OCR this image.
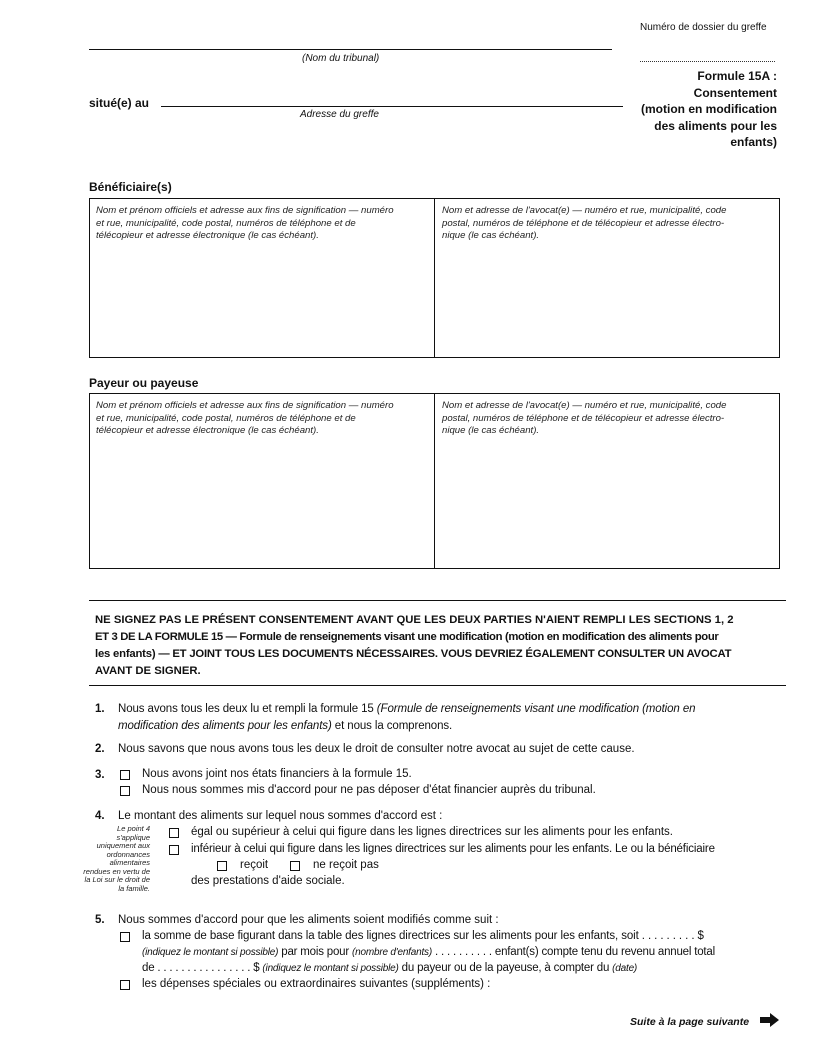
Numéro de dossier du greffe
(Nom du tribunal)
situé(e) au
Adresse du greffe
Formule 15A :
Consentement
(motion en modification
des aliments pour les
enfants)
Bénéficiaire(s)
Nom et prénom officiels et adresse aux fins de signification — numéro
et rue, municipalité, code postal, numéros de téléphone et de
télécopieur et adresse électronique (le cas échéant).
Nom et adresse de l'avocat(e) — numéro et rue, municipalité, code
postal, numéros de téléphone et de télécopieur et adresse électro-
nique (le cas échéant).
Payeur ou payeuse
Nom et prénom officiels et adresse aux fins de signification — numéro
et rue, municipalité, code postal, numéros de téléphone et de
télécopieur et adresse électronique (le cas échéant).
Nom et adresse de l'avocat(e) — numéro et rue, municipalité, code
postal, numéros de téléphone et de télécopieur et adresse électro-
nique (le cas échéant).
NE SIGNEZ PAS LE PRÉSENT CONSENTEMENT AVANT QUE LES DEUX PARTIES N'AIENT REMPLI LES SECTIONS 1, 2
ET 3 DE LA FORMULE 15 — Formule de renseignements visant une modification (motion en modification des aliments pour
les enfants) — ET JOINT TOUS LES DOCUMENTS NÉCESSAIRES. VOUS DEVRIEZ ÉGALEMENT CONSULTER UN AVOCAT
AVANT DE SIGNER.
1. Nous avons tous les deux lu et rempli la formule 15 (Formule de renseignements visant une modification (motion en
modification des aliments pour les enfants) et nous la comprenons.
2. Nous savons que nous avons tous les deux le droit de consulter notre avocat au sujet de cette cause.
3.	Nous avons joint nos états financiers à la formule 15.
Nous nous sommes mis d'accord pour ne pas déposer d'état financier auprès du tribunal.
4. Le montant des aliments sur lequel nous sommes d'accord est :
Le point 4
s'applique
uniquement aux
ordonnances
alimentaires
rendues en vertu de
la Loi sur le droit de
la famille.
égal ou supérieur à celui qui figure dans les lignes directrices sur les aliments pour les enfants.
inférieur à celui qui figure dans les lignes directrices sur les aliments pour les enfants. Le ou la bénéficiaire
reçoit	ne reçoit pas
des prestations d'aide sociale.
5. Nous sommes d'accord pour que les aliments soient modifiés comme suit :
la somme de base figurant dans la table des lignes directrices sur les aliments pour les enfants, soit . . . . . . . . . $
(indiquez le montant si possible) par mois pour (nombre d'enfants) . . . . . . . . . . enfant(s) compte tenu du revenu annuel total
de . . . . . . . . . . . . . . . . $ (indiquez le montant si possible) du payeur ou de la payeuse, à compter du (date)
les dépenses spéciales ou extraordinaires suivantes (suppléments) :
Suite à la page suivante
